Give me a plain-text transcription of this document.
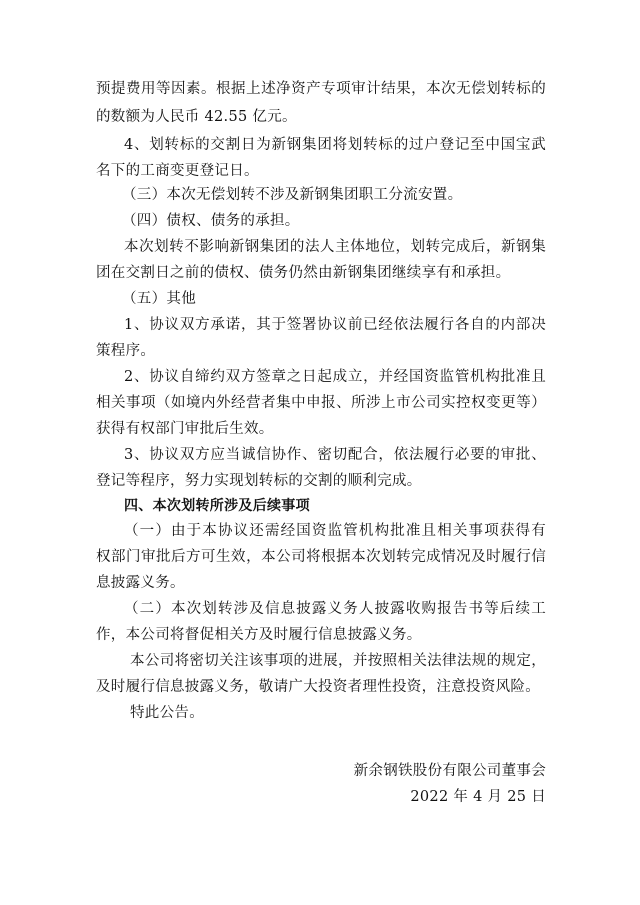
预提费用等因素。根据上述净资产专项审计结果，本次无偿划转标的
的数额为人民币 42.55 亿元。
4、划转标的交割日为新钢集团将划转标的过户登记至中国宝武
名下的工商变更登记日。
（三）本次无偿划转不涉及新钢集团职工分流安置。
（四）债权、债务的承担。
本次划转不影响新钢集团的法人主体地位，划转完成后，新钢集
团在交割日之前的债权、债务仍然由新钢集团继续享有和承担。
（五）其他
1、协议双方承诺，其于签署协议前已经依法履行各自的内部决
策程序。
2、协议自缔约双方签章之日起成立，并经国资监管机构批准且
相关事项（如境内外经营者集中申报、所涉上市公司实控权变更等）
获得有权部门审批后生效。
3、协议双方应当诚信协作、密切配合，依法履行必要的审批、
登记等程序，努力实现划转标的交割的顺利完成。
四、本次划转所涉及后续事项
（一）由于本协议还需经国资监管机构批准且相关事项获得有
权部门审批后方可生效，本公司将根据本次划转完成情况及时履行信
息披露义务。
（二）本次划转涉及信息披露义务人披露收购报告书等后续工
作，本公司将督促相关方及时履行信息披露义务。
本公司将密切关注该事项的进展，并按照相关法律法规的规定，
及时履行信息披露义务，敬请广大投资者理性投资，注意投资风险。
特此公告。
新余钢铁股份有限公司董事会
2022 年 4 月 25 日
